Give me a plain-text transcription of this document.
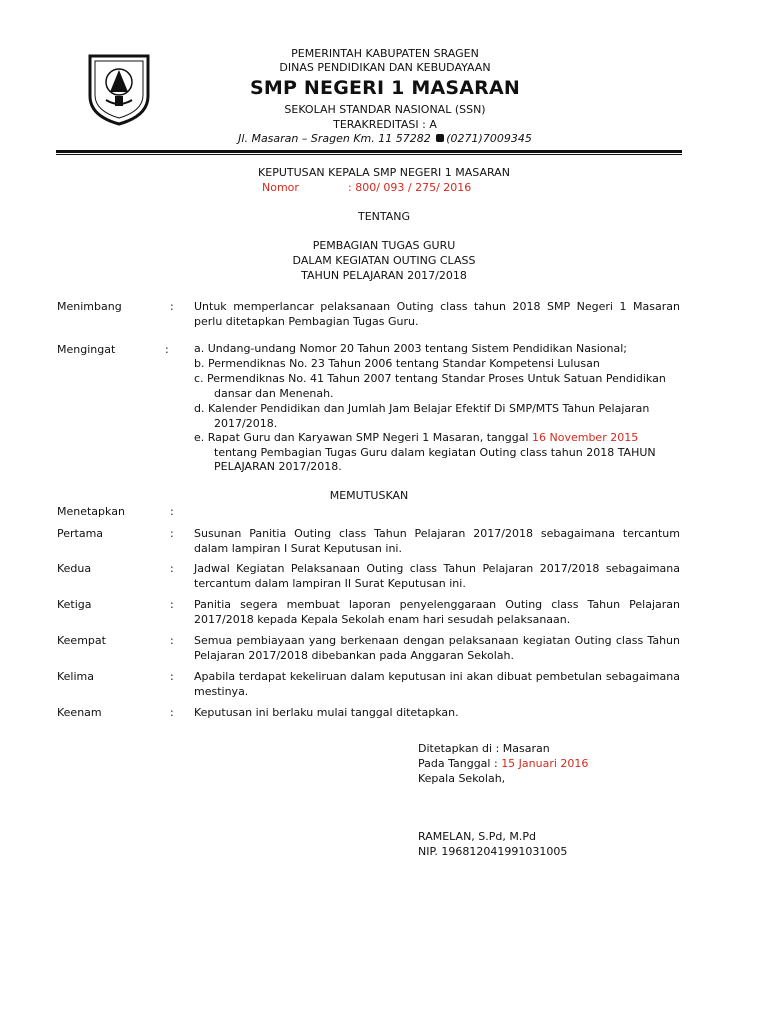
PEMERINTAH KABUPATEN SRAGEN
DINAS PENDIDIKAN DAN KEBUDAYAAN
SMP NEGERI 1 MASARAN
SEKOLAH STANDAR NASIONAL (SSN)
TERAKREDITASI : A
Jl. Masaran – Sragen Km. 11 57282 (0271)7009345
KEPUTUSAN KEPALA SMP NEGERI 1 MASARAN
Nomor	: 800/ 093 / 275/ 2016
TENTANG
PEMBAGIAN TUGAS GURU
DALAM KEGIATAN OUTING CLASS
TAHUN PELAJARAN 2017/2018
Menimbang	: Untuk memperlancar pelaksanaan Outing class tahun 2018 SMP Negeri 1 Masaran perlu ditetapkan Pembagian Tugas Guru.
Mengingat	: a. Undang-undang Nomor 20 Tahun 2003 tentang Sistem Pendidikan Nasional;
b. Permendiknas No. 23 Tahun 2006 tentang Standar Kompetensi Lulusan
c. Permendiknas No. 41 Tahun 2007 tentang Standar Proses Untuk Satuan Pendidikan
dansar dan Menenah.
d. Kalender Pendidikan dan Jumlah Jam Belajar Efektif Di SMP/MTS Tahun Pelajaran
2017/2018.
e. Rapat Guru dan Karyawan SMP Negeri 1 Masaran, tanggal 16 November 2015
tentang Pembagian Tugas Guru dalam kegiatan Outing class tahun 2018 TAHUN
PELAJARAN 2017/2018.
MEMUTUSKAN
Menetapkan	:
Pertama	: Susunan Panitia Outing class Tahun Pelajaran 2017/2018 sebagaimana tercantum dalam lampiran I Surat Keputusan ini.
Kedua	: Jadwal Kegiatan Pelaksanaan Outing class Tahun Pelajaran 2017/2018 sebagaimana tercantum dalam lampiran II Surat Keputusan ini.
Ketiga	: Panitia segera membuat laporan penyelenggaraan Outing class Tahun Pelajaran 2017/2018 kepada Kepala Sekolah enam hari sesudah pelaksanaan.
Keempat	: Semua pembiayaan yang berkenaan dengan pelaksanaan kegiatan Outing class Tahun Pelajaran 2017/2018 dibebankan pada Anggaran Sekolah.
Kelima	: Apabila terdapat kekeliruan dalam keputusan ini akan dibuat pembetulan sebagaimana mestinya.
Keenam	: Keputusan ini berlaku mulai tanggal ditetapkan.
Ditetapkan di : Masaran
Pada Tanggal : 15 Januari 2016
Kepala Sekolah,
RAMELAN, S.Pd, M.Pd
NIP. 196812041991031005
